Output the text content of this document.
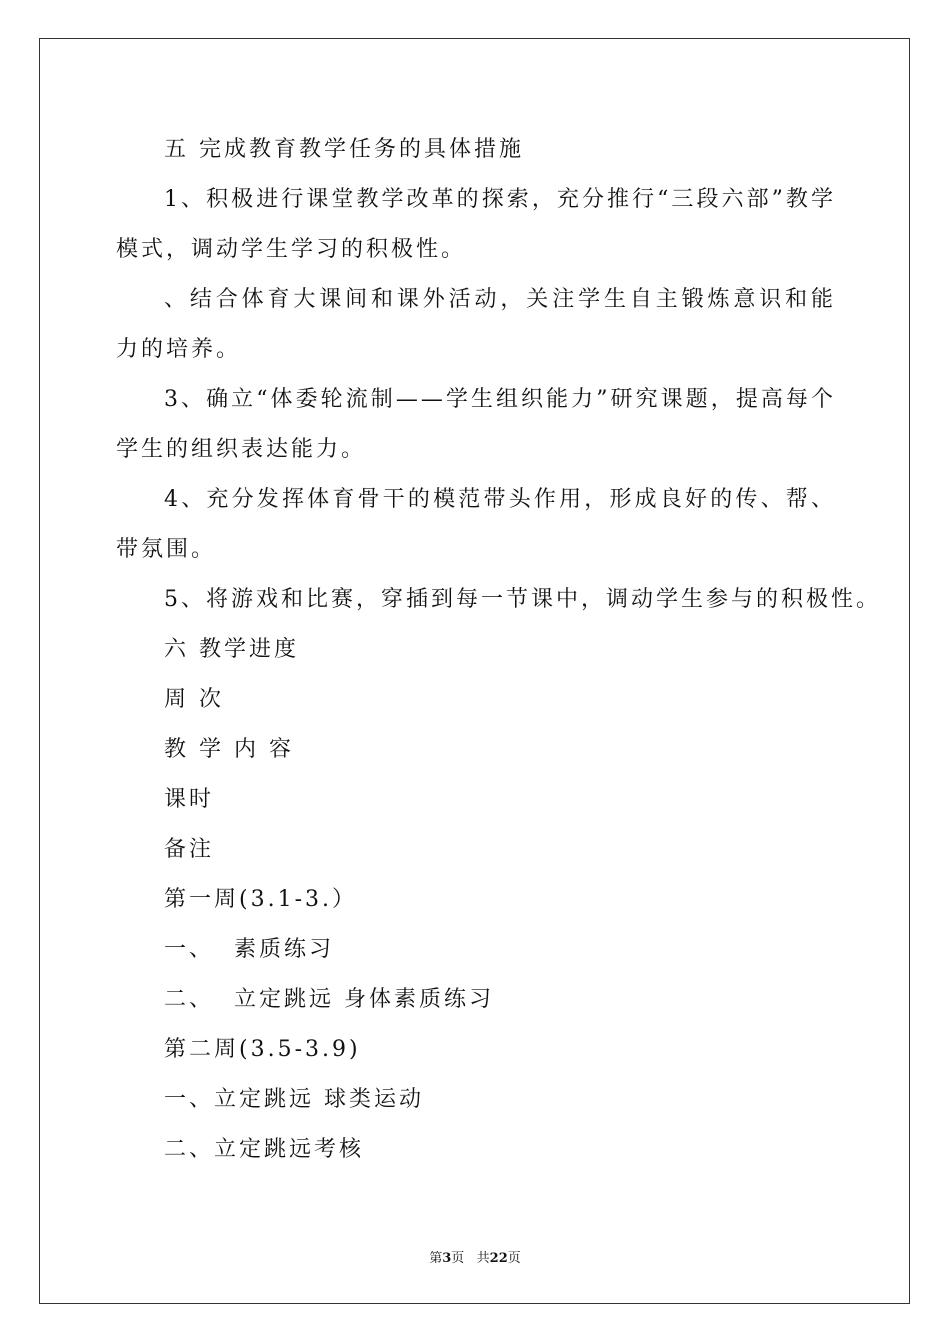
五 完成教育教学任务的具体措施

1、积极进行课堂教学改革的探索，充分推行“三段六部”教学模式，调动学生学习的积极性。

、结合体育大课间和课外活动，关注学生自主锻炼意识和能力的培养。

3、确立“体委轮流制——学生组织能力”研究课题，提高每个学生的组织表达能力。

4、充分发挥体育骨干的模范带头作用，形成良好的传、帮、带氛围。

5、将游戏和比赛，穿插到每一节课中，调动学生参与的积极性。

六 教学进度

周 次

教 学 内 容

课时

备注

第一周(3.1-3.）

一、  素质练习

二、  立定跳远 身体素质练习

第二周(3.5-3.9)

一、立定跳远 球类运动

二、立定跳远考核

第3页   共22页
